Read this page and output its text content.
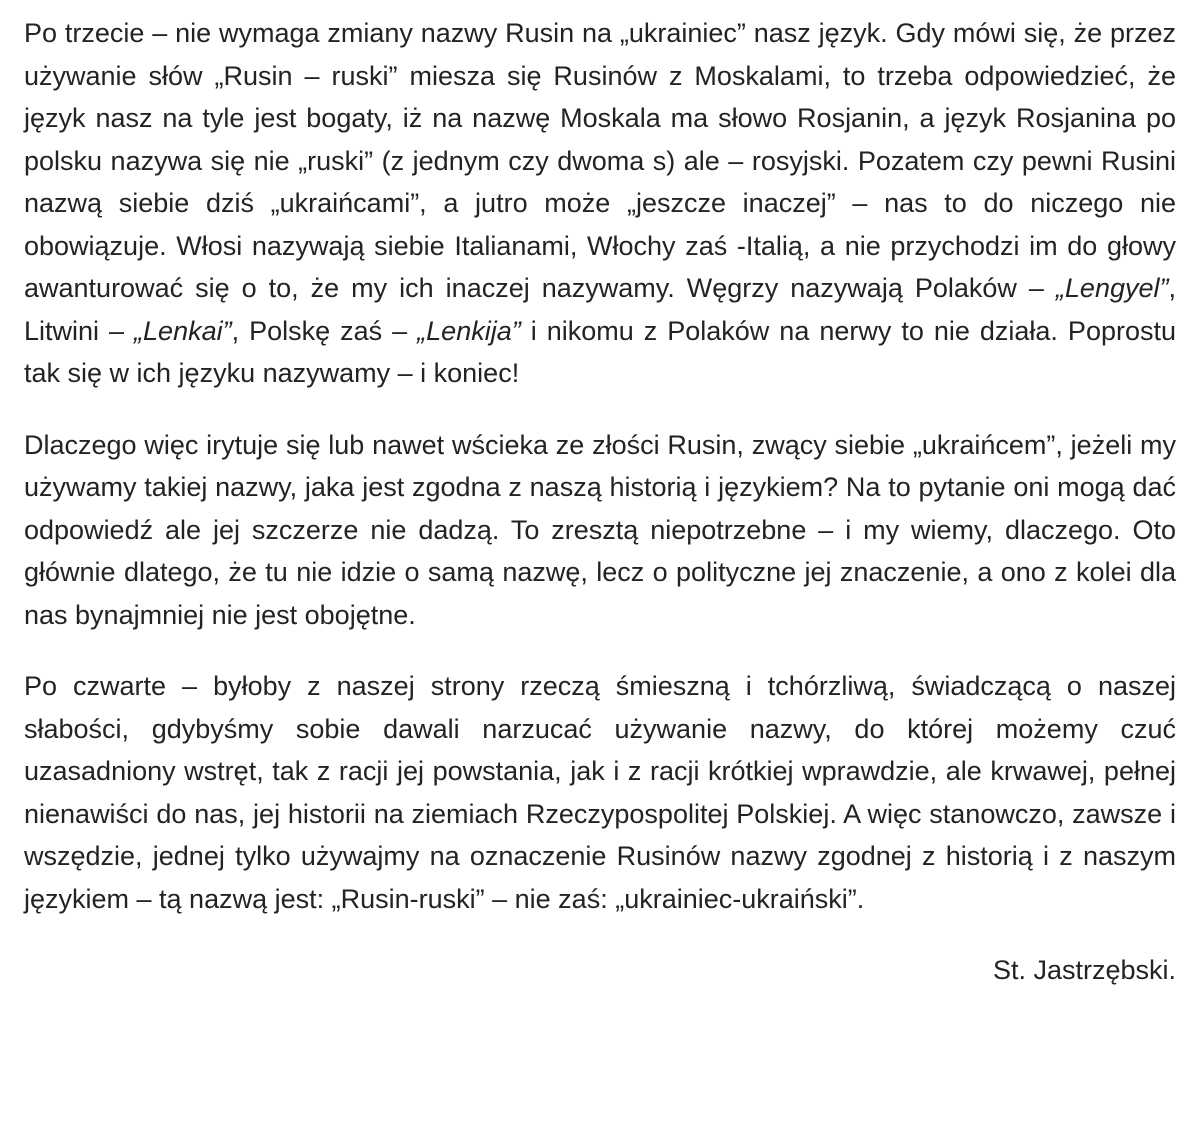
Po trzecie – nie wymaga zmiany nazwy Rusin na „ukrainiec” nasz język. Gdy mówi się, że przez używanie słów „Rusin – ruski” miesza się Rusinów z Moskalami, to trzeba odpowiedzieć, że język nasz na tyle jest bogaty, iż na nazwę Moskala ma słowo Rosjanin, a język Rosjanina po polsku nazywa się nie „ruski” (z jednym czy dwoma s) ale – rosyjski. Pozatem czy pewni Rusini nazwą siebie dziś „ukraińcami”, a jutro może „jeszcze inaczej” – nas to do niczego nie obowiązuje. Włosi nazywają siebie Italianami, Włochy zaś -Italią, a nie przychodzi im do głowy awanturować się o to, że my ich inaczej nazywamy. Węgrzy nazywają Polaków – „Lengyel”, Litwini – „Lenkai”, Polskę zaś – „Lenkija” i nikomu z Polaków na nerwy to nie działa. Poprostu tak się w ich języku nazywamy – i koniec!

Dlaczego więc irytuje się lub nawet wścieka ze złości Rusin, zwący siebie „ukraińcem”, jeżeli my używamy takiej nazwy, jaka jest zgodna z naszą historią i językiem? Na to pytanie oni mogą dać odpowiedź ale jej szczerze nie dadzą. To zresztą niepotrzebne – i my wiemy, dlaczego. Oto głównie dlatego, że tu nie idzie o samą nazwę, lecz o polityczne jej znaczenie, a ono z kolei dla nas bynajmniej nie jest obojętne.

Po czwarte – byłoby z naszej strony rzeczą śmieszną i tchórzliwą, świadczącą o naszej słabości, gdybyśmy sobie dawali narzucać używanie nazwy, do której możemy czuć uzasadniony wstręt, tak z racji jej powstania, jak i z racji krótkiej wprawdzie, ale krwawej, pełnej nienawiści do nas, jej historii na ziemiach Rzeczypospolitej Polskiej. A więc stanowczo, zawsze i wszędzie, jednej tylko używajmy na oznaczenie Rusinów nazwy zgodnej z historią i z naszym językiem – tą nazwą jest: „Rusin-ruski” – nie zaś: „ukrainiec-ukraiński”.

St. Jastrzębski.
